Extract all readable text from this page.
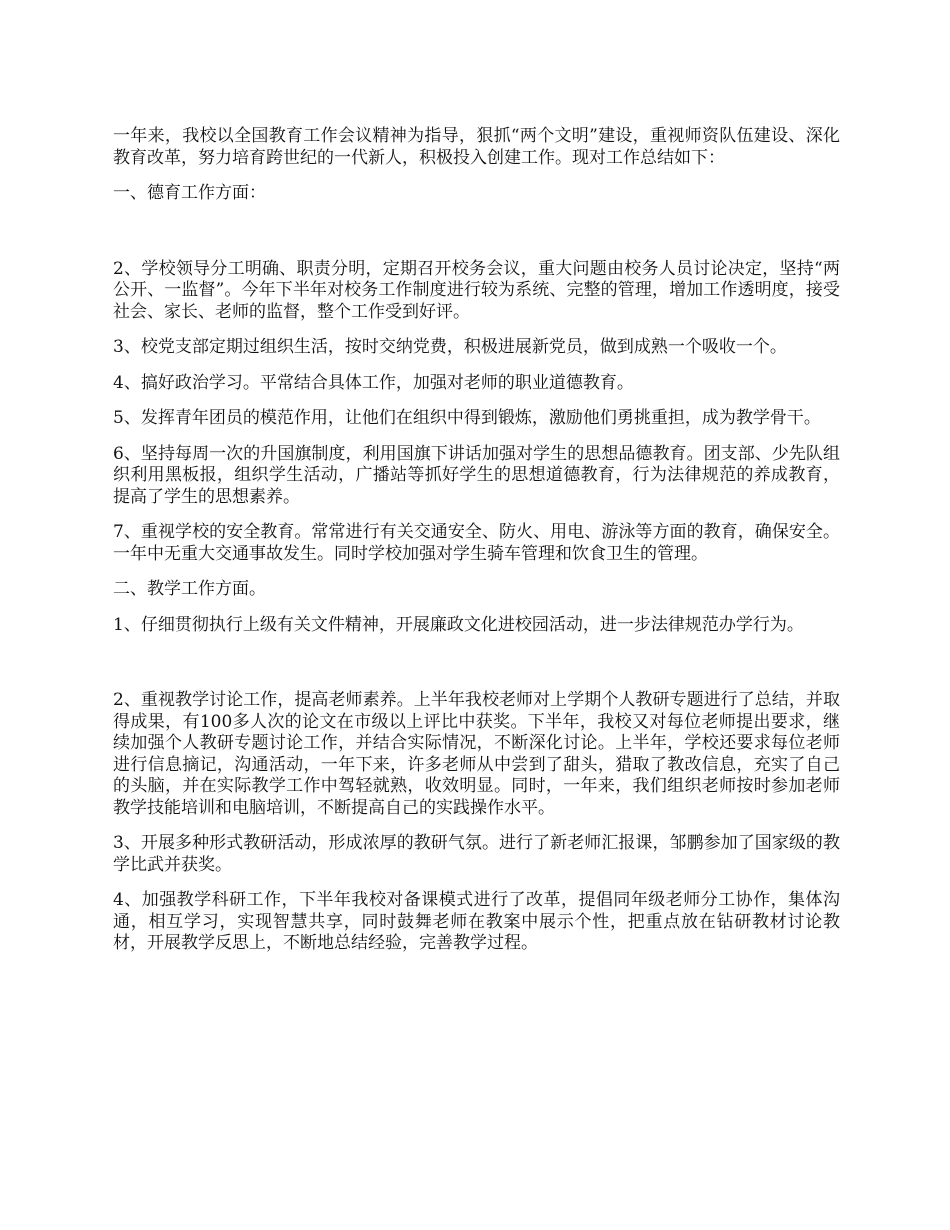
一年来，我校以全国教育工作会议精神为指导，狠抓“两个文明”建设，重视师资队伍建设、深化教育改革，努力培育跨世纪的一代新人，积极投入创建工作。现对工作总结如下：

一、德育工作方面：

2、学校领导分工明确、职责分明，定期召开校务会议，重大问题由校务人员讨论决定，坚持“两公开、一监督”。今年下半年对校务工作制度进行较为系统、完整的管理，增加工作透明度，接受社会、家长、老师的监督，整个工作受到好评。

3、校党支部定期过组织生活，按时交纳党费，积极进展新党员，做到成熟一个吸收一个。

4、搞好政治学习。平常结合具体工作，加强对老师的职业道德教育。

5、发挥青年团员的模范作用，让他们在组织中得到锻炼，激励他们勇挑重担，成为教学骨干。

6、坚持每周一次的升国旗制度，利用国旗下讲话加强对学生的思想品德教育。团支部、少先队组织利用黑板报，组织学生活动，广播站等抓好学生的思想道德教育，行为法律规范的养成教育，提高了学生的思想素养。

7、重视学校的安全教育。常常进行有关交通安全、防火、用电、游泳等方面的教育，确保安全。一年中无重大交通事故发生。同时学校加强对学生骑车管理和饮食卫生的管理。

二、教学工作方面。

1、仔细贯彻执行上级有关文件精神，开展廉政文化进校园活动，进一步法律规范办学行为。

2、重视教学讨论工作，提高老师素养。上半年我校老师对上学期个人教研专题进行了总结，并取得成果，有100多人次的论文在市级以上评比中获奖。下半年，我校又对每位老师提出要求，继续加强个人教研专题讨论工作，并结合实际情况，不断深化讨论。上半年，学校还要求每位老师进行信息摘记，沟通活动，一年下来，许多老师从中尝到了甜头，猎取了教改信息，充实了自己的头脑，并在实际教学工作中驾轻就熟，收效明显。同时，一年来，我们组织老师按时参加老师教学技能培训和电脑培训，不断提高自己的实践操作水平。

3、开展多种形式教研活动，形成浓厚的教研气氛。进行了新老师汇报课，邹鹏参加了国家级的教学比武并获奖。

4、加强教学科研工作，下半年我校对备课模式进行了改革，提倡同年级老师分工协作，集体沟通，相互学习，实现智慧共享，同时鼓舞老师在教案中展示个性，把重点放在钻研教材讨论教材，开展教学反思上，不断地总结经验，完善教学过程。
